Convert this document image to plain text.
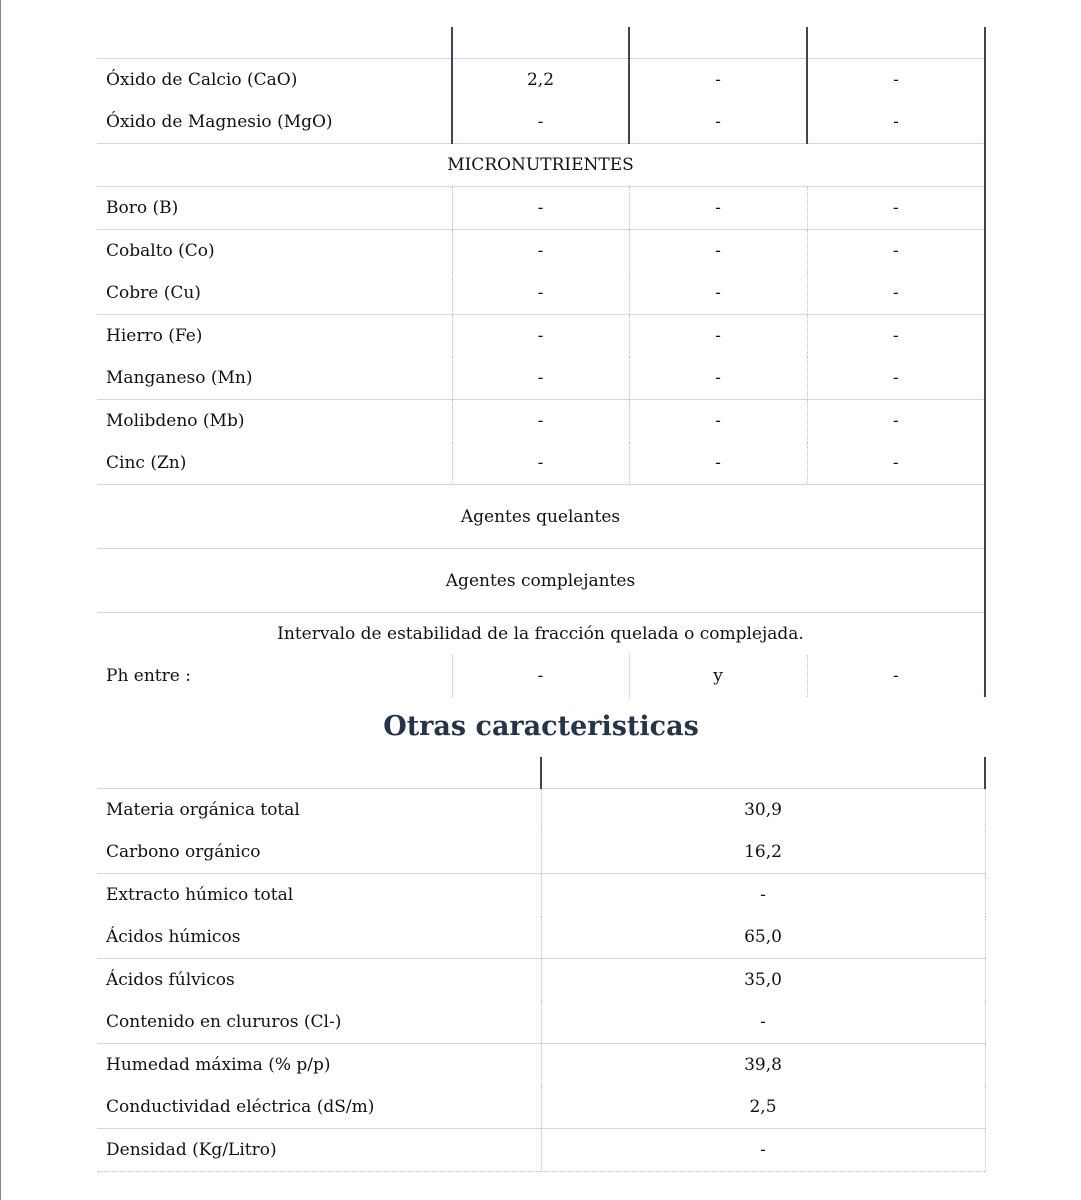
Óxido de Calcio (CaO)	2,2	-	-
Óxido de Magnesio (MgO)	-	-	-
MICRONUTRIENTES			
Boro (B)	-	-	-
Cobalto (Co)	-	-	-
Cobre (Cu)	-	-	-
Hierro (Fe)	-	-	-
Manganeso (Mn)	-	-	-
Molibdeno (Mb)	-	-	-
Cinc (Zn)	-	-	-
Agentes quelantes			
Agentes complejantes			
Intervalo de estabilidad de la fracción quelada o complejada.			
Ph entre :	-	y	-
Otras caracteristicas

Materia orgánica total	30,9
Carbono orgánico	16,2
Extracto húmico total	-
Ácidos húmicos	65,0
Ácidos fúlvicos	35,0
Contenido en clururos (Cl-)	-
Humedad máxima (% p/p)	39,8
Conductividad eléctrica (dS/m)	2,5
Densidad (Kg/Litro)	-
